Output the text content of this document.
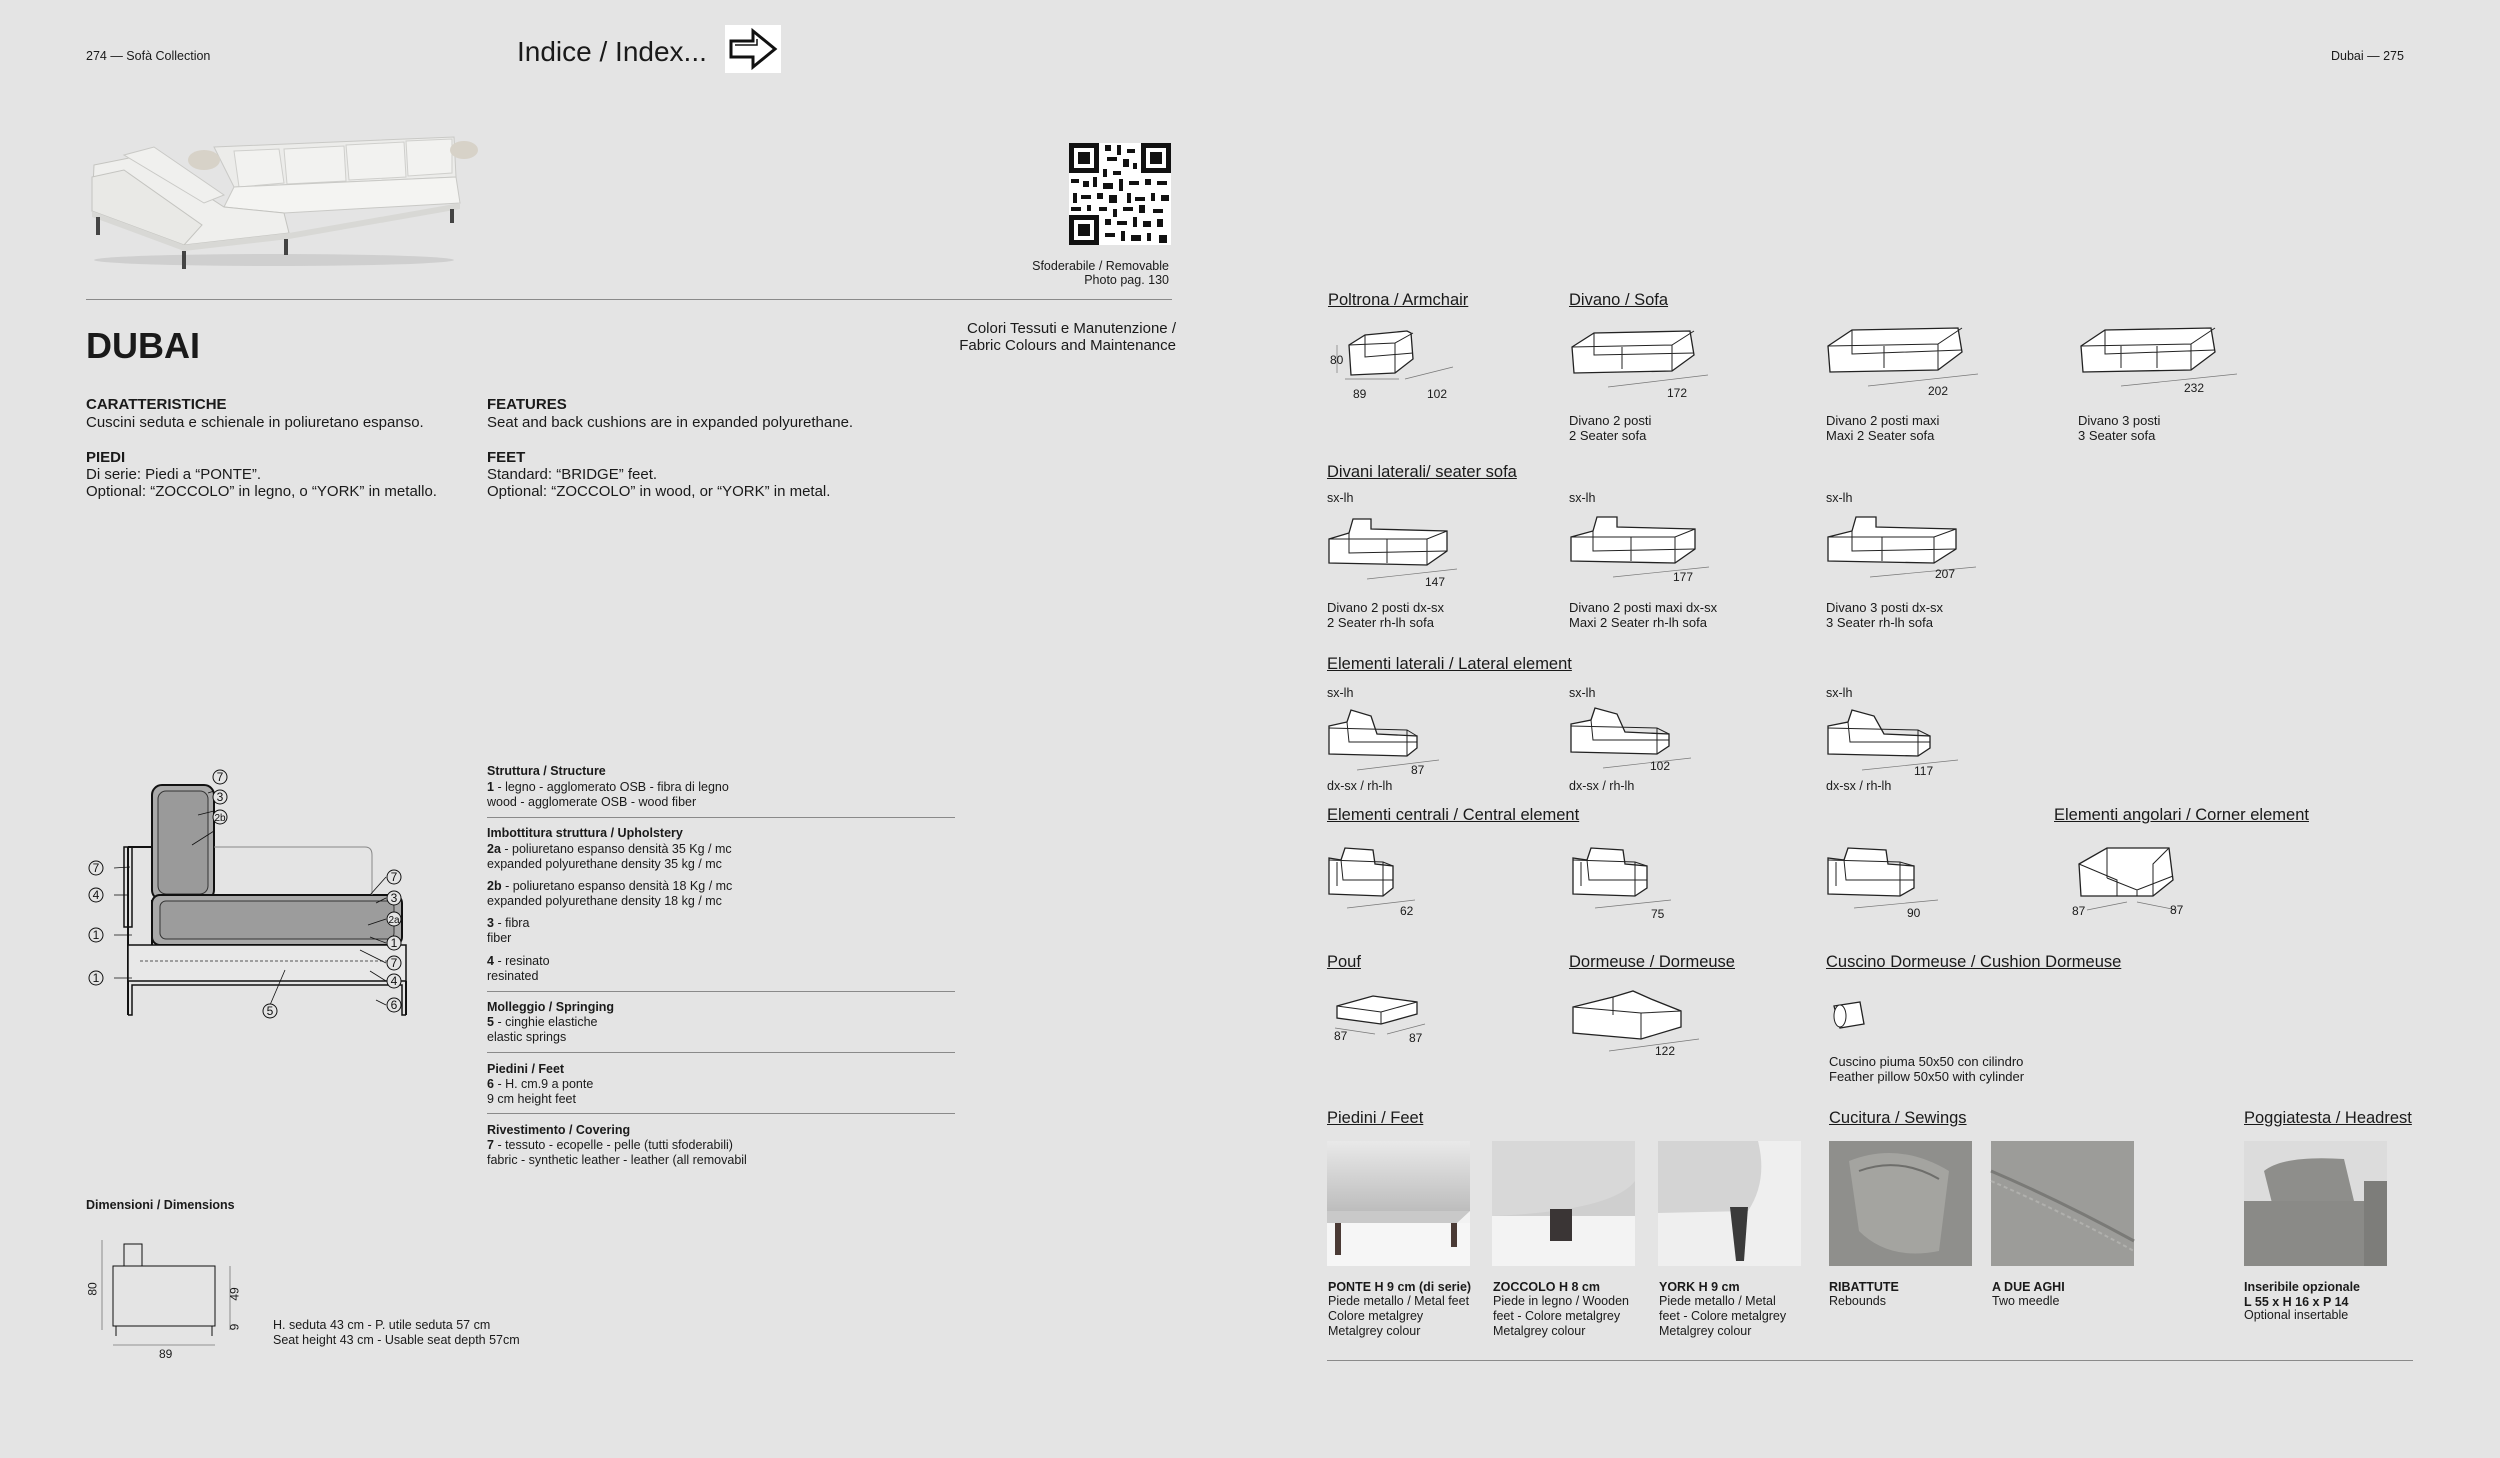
274 — Sofà Collection	Indice / Index...	Dubai — 275
Sfoderabile / Removable
Photo pag. 130
DUBAI	Colori Tessuti e Manutenzione /
Fabric Colours and Maintenance
CARATTERISTICHE
Cuscini seduta e schienale in poliuretano espanso.
FEATURES
Seat and back cushions are in expanded polyurethane.
PIEDI
Di serie: Piedi a “PONTE”.
Optional: “ZOCCOLO” in legno, o “YORK” in metallo.
FEET
Standard: “BRIDGE” feet.
Optional: “ZOCCOLO” in wood, or “YORK” in metal.
7
3
2b
7
4
1
1
7
3
2a
1
7
4
6
5
Struttura / Structure
1 - legno - agglomerato OSB - fibra di legno
wood - agglomerate OSB - wood fiber
Imbottitura struttura / Upholstery
2a - poliuretano espanso densità 35 Kg / mc
expanded polyurethane density 35 kg / mc
2b - poliuretano espanso densità 18 Kg / mc
expanded polyurethane density 18 kg / mc
3 - fibra
fiber
4 - resinato
resinated
Molleggio / Springing
5 - cinghie elastiche
elastic springs
Piedini / Feet
6 - H. cm.9 a ponte
9 cm height feet
Rivestimento / Covering
7 - tessuto - ecopelle - pelle (tutti sfoderabili)
fabric - synthetic leather - leather (all removabil
Dimensioni / Dimensions
80	49
9
89
H. seduta 43 cm - P. utile seduta 57 cm
Seat height 43 cm - Usable seat depth 57cm
Poltrona / Armchair
80
89	102
Divano / Sofa
172
Divano 2 posti
2 Seater sofa
202
Divano 2 posti maxi
Maxi 2 Seater sofa
232
Divano 3 posti
3 Seater sofa
Divani laterali/ seater sofa
sx-lh
147
Divano 2 posti dx-sx
2 Seater rh-lh sofa
sx-lh
177
Divano 2 posti maxi dx-sx
Maxi 2 Seater rh-lh sofa
sx-lh
207
Divano 3 posti dx-sx
3 Seater rh-lh sofa
Elementi laterali / Lateral element
sx-lh
87
dx-sx / rh-lh
sx-lh
102
dx-sx / rh-lh
sx-lh
117
dx-sx / rh-lh
Elementi centrali / Central element
62	75	90
Elementi angolari / Corner element
87	87
Pouf
87	87
Dormeuse / Dormeuse
122
Cuscino Dormeuse / Cushion Dormeuse
Cuscino piuma 50x50 con cilindro
Feather pillow 50x50 with cylinder
Piedini / Feet
PONTE H 9 cm (di serie)
Piede metallo / Metal feet
Colore metalgrey
Metalgrey colour
ZOCCOLO H 8 cm
Piede in legno / Wooden
feet - Colore metalgrey
Metalgrey colour
YORK H 9 cm
Piede metallo / Metal
feet - Colore metalgrey
Metalgrey colour
Cucitura / Sewings
RIBATTUTE
Rebounds
A DUE AGHI
Two meedle
Poggiatesta / Headrest
Inseribile opzionale
L 55 x H 16 x P 14
Optional insertable
